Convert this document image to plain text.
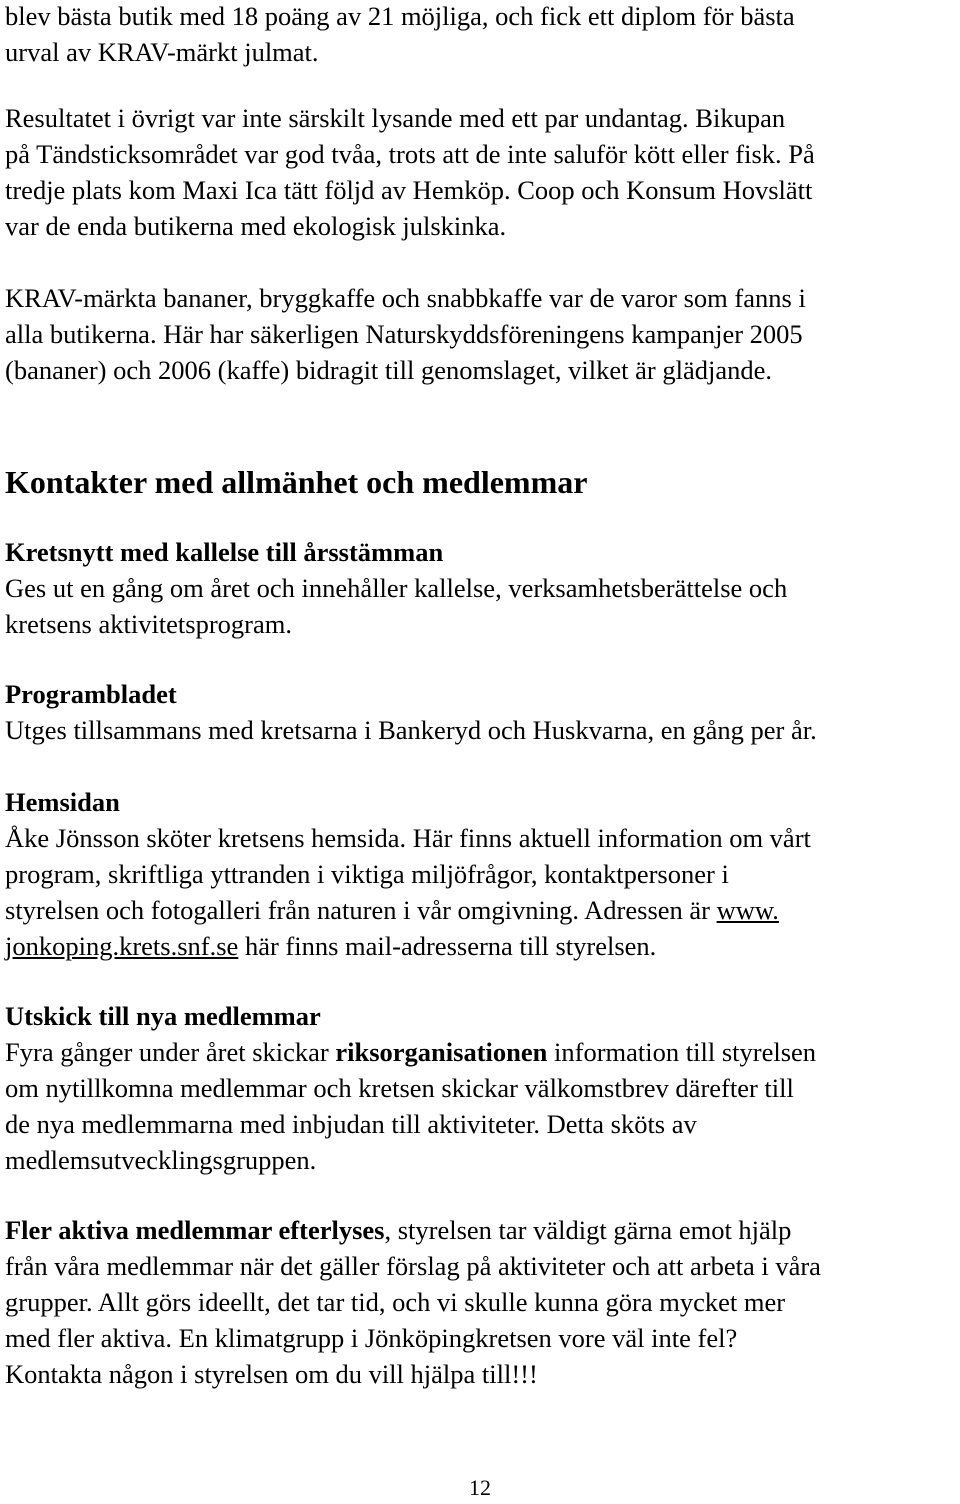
blev bästa butik med 18 poäng av 21 möjliga, och fick ett diplom för bästa
urval av KRAV-märkt julmat.
Resultatet i övrigt var inte särskilt lysande med ett par undantag. Bikupan
på Tändsticksområdet var god tvåa, trots att de inte saluför kött eller fisk. På
tredje plats kom Maxi Ica tätt följd av Hemköp. Coop och Konsum Hovslätt
var de enda butikerna med ekologisk julskinka.
KRAV-märkta bananer, bryggkaffe och snabbkaffe var de varor som fanns i
alla butikerna. Här har säkerligen Naturskyddsföreningens kampanjer 2005
(bananer) och 2006 (kaffe) bidragit till genomslaget, vilket är glädjande.
Kontakter med allmänhet och medlemmar
Kretsnytt med kallelse till årsstämman
Ges ut en gång om året och innehåller kallelse, verksamhetsberättelse och
kretsens aktivitetsprogram.
Programbladet
Utges tillsammans med kretsarna i Bankeryd och Huskvarna, en gång per år.
Hemsidan
Åke Jönsson sköter kretsens hemsida. Här finns aktuell information om vårt
program, skriftliga yttranden i viktiga miljöfrågor, kontaktpersoner i
styrelsen och fotogalleri från naturen i vår omgivning. Adressen är www.
jonkoping.krets.snf.se här finns mail-adresserna till styrelsen.
Utskick till nya medlemmar
Fyra gånger under året skickar riksorganisationen information till styrelsen
om nytillkomna medlemmar och kretsen skickar välkomstbrev därefter till
de nya medlemmarna med inbjudan till aktiviteter. Detta sköts av
medlemsutvecklingsgruppen.
Fler aktiva medlemmar efterlyses, styrelsen tar väldigt gärna emot hjälp
från våra medlemmar när det gäller förslag på aktiviteter och att arbeta i våra
grupper. Allt görs ideellt, det tar tid, och vi skulle kunna göra mycket mer
med fler aktiva. En klimatgrupp i Jönköpingkretsen vore väl inte fel?
Kontakta någon i styrelsen om du vill hjälpa till!!!
12
